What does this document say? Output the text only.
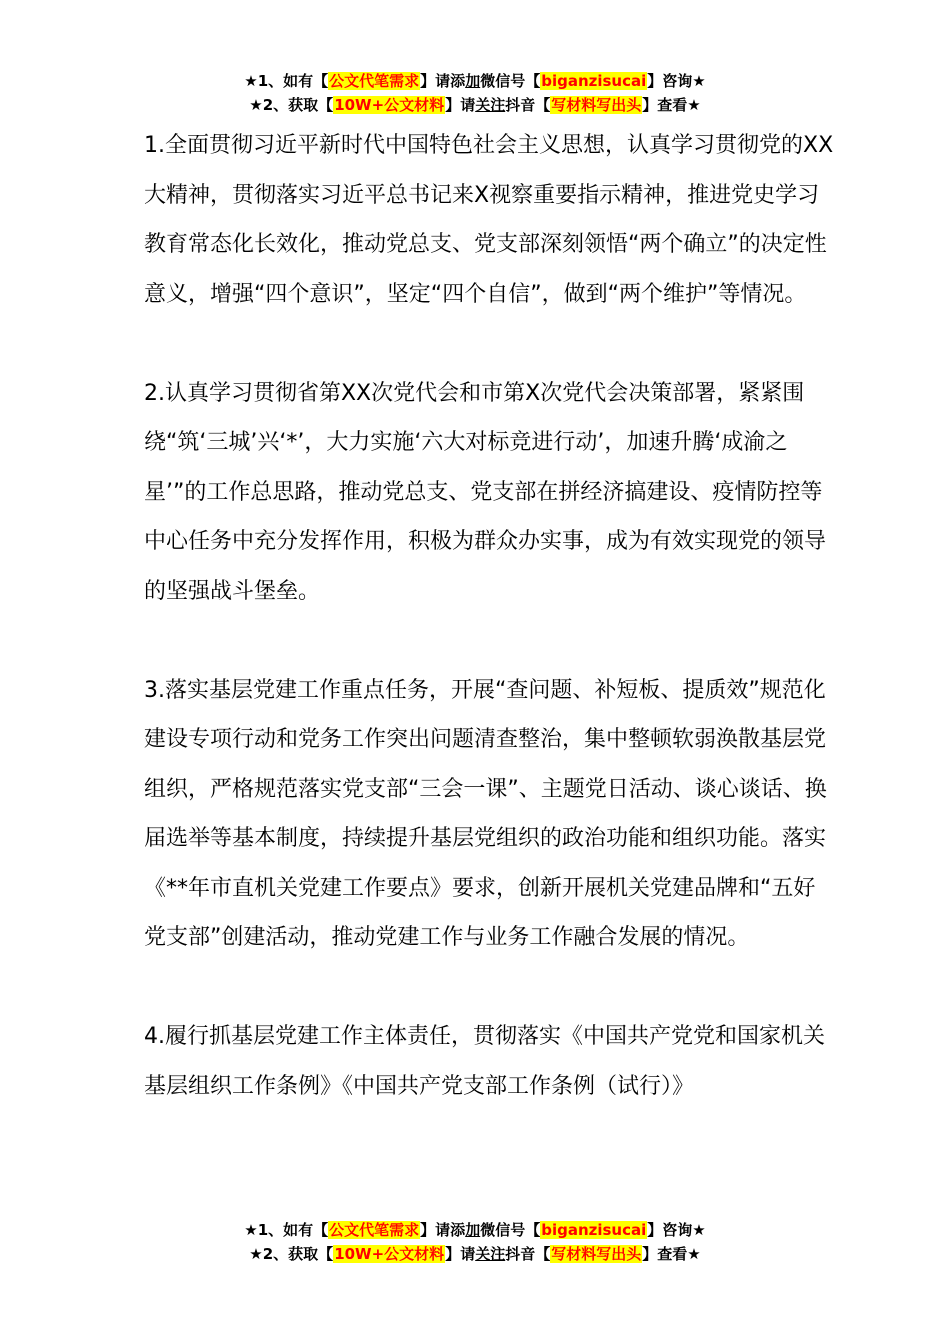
★1、如有【公文代笔需求】请添加微信号【biganzisucai】咨询★
★2、获取【10W+公文材料】请关注抖音【写材料写出头】查看★

1.全面贯彻习近平新时代中国特色社会主义思想，认真学习贯彻党的XX大精神，贯彻落实习近平总书记来X视察重要指示精神，推进党史学习教育常态化长效化，推动党总支、党支部深刻领悟“两个确立”的决定性意义，增强“四个意识”，坚定“四个自信”，做到“两个维护”等情况。

2.认真学习贯彻省第XX次党代会和市第X次党代会决策部署，紧紧围绕“筑‘三城’兴‘*’，大力实施‘六大对标竞进行动’，加速升腾‘成渝之星’”的工作总思路，推动党总支、党支部在拼经济搞建设、疫情防控等中心任务中充分发挥作用，积极为群众办实事，成为有效实现党的领导的坚强战斗堡垒。

3.落实基层党建工作重点任务，开展“查问题、补短板、提质效”规范化建设专项行动和党务工作突出问题清查整治，集中整顿软弱涣散基层党组织，严格规范落实党支部“三会一课”、主题党日活动、谈心谈话、换届选举等基本制度，持续提升基层党组织的政治功能和组织功能。落实《**年市直机关党建工作要点》要求，创新开展机关党建品牌和“五好党支部”创建活动，推动党建工作与业务工作融合发展的情况。

4.履行抓基层党建工作主体责任，贯彻落实《中国共产党党和国家机关基层组织工作条例》《中国共产党支部工作条例（试行）》

★1、如有【公文代笔需求】请添加微信号【biganzisucai】咨询★
★2、获取【10W+公文材料】请关注抖音【写材料写出头】查看★
